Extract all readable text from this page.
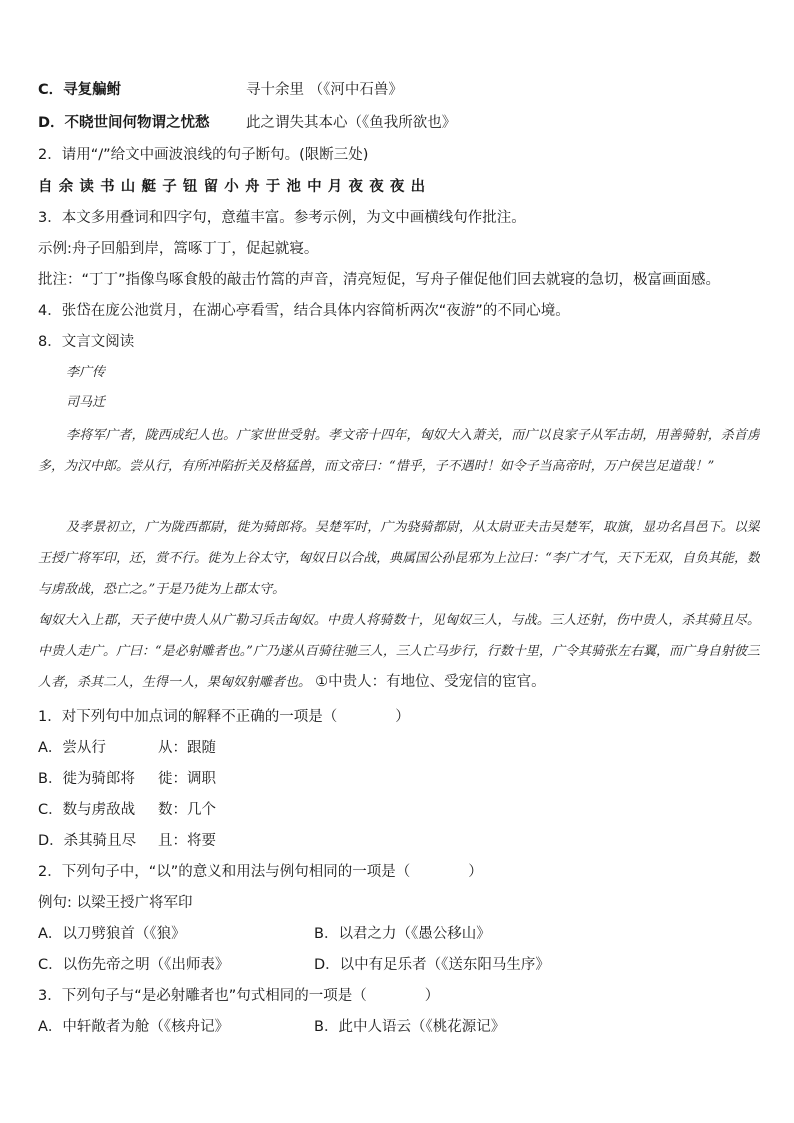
C．寻复艑鲋	寻十余里 （《河中石兽》
D．不晓世间何物谓之忧愁	此之谓失其本心（《鱼我所欲也》
2．请用“/”给文中画波浪线的句子断句。(限断三处)
自余读书山艇子钮留小舟于池中月夜夜夜出
3．本文多用叠词和四字句，意蕴丰富。参考示例，为文中画横线句作批注。
示例:舟子回船到岸，篙啄丁丁，促起就寝。
批注：“丁丁”指像鸟啄食般的敲击竹篙的声音，清亮短促，写舟子催促他们回去就寝的急切，极富画面感。
4．张岱在庞公池赏月，在湖心亭看雪，结合具体内容简析两次“夜游”的不同心境。
8．文言文阅读
李广传
司马迁
李将军广者，陇西成纪人也。广家世世受射。孝文帝十四年，匈奴大入萧关，而广以良家子从军击胡，用善骑射，杀首虏多，为汉中郎。尝从行，有所冲陷折关及格猛兽，而文帝曰：“惜乎，子不遇时！如令子当高帝时，万户侯岂足道哉！”
及孝景初立，广为陇西都尉，徙为骑郎将。吴楚军时，广为骁骑都尉，从太尉亚夫击吴楚军，取旗，显功名昌邑下。以梁王授广将军印，还，赏不行。徙为上谷太守，匈奴日以合战，典属国公孙昆邪为上泣曰：“李广才气，天下无双，自负其能，数与虏敌战，恐亡之。”于是乃徙为上郡太守。
匈奴大入上郡，天子使中贵人从广勒习兵击匈奴。中贵人将骑数十，见匈奴三人，与战。三人还射，伤中贵人，杀其骑且尽。中贵人走广。广曰：“是必射雕者也。”广乃遂从百骑往驰三人，三人亡马步行，行数十里，广令其骑张左右翼，而广身自射彼三人者，杀其二人，生得一人，果匈奴射雕者也。 ①中贵人：有地位、受宠信的宦官。
1．对下列句中加点词的解释不正确的一项是（　　　　）
A．尝从行	从：跟随
B．徙为骑郎将 徙：调职
C．数与虏敌战 数：几个
D．杀其骑且尽 且：将要
2．下列句子中，“以”的意义和用法与例句相同的一项是（　　　　）
例句: 以梁王授广将军印
A．以刀劈狼首（《狼》	B．以君之力（《愚公移山》
C．以伤先帝之明（《出师表》	D．以中有足乐者（《送东阳马生序》
3．下列句子与“是必射雕者也”句式相同的一项是（　　　　）
A．中轩敞者为舱（《核舟记》	B．此中人语云（《桃花源记》
